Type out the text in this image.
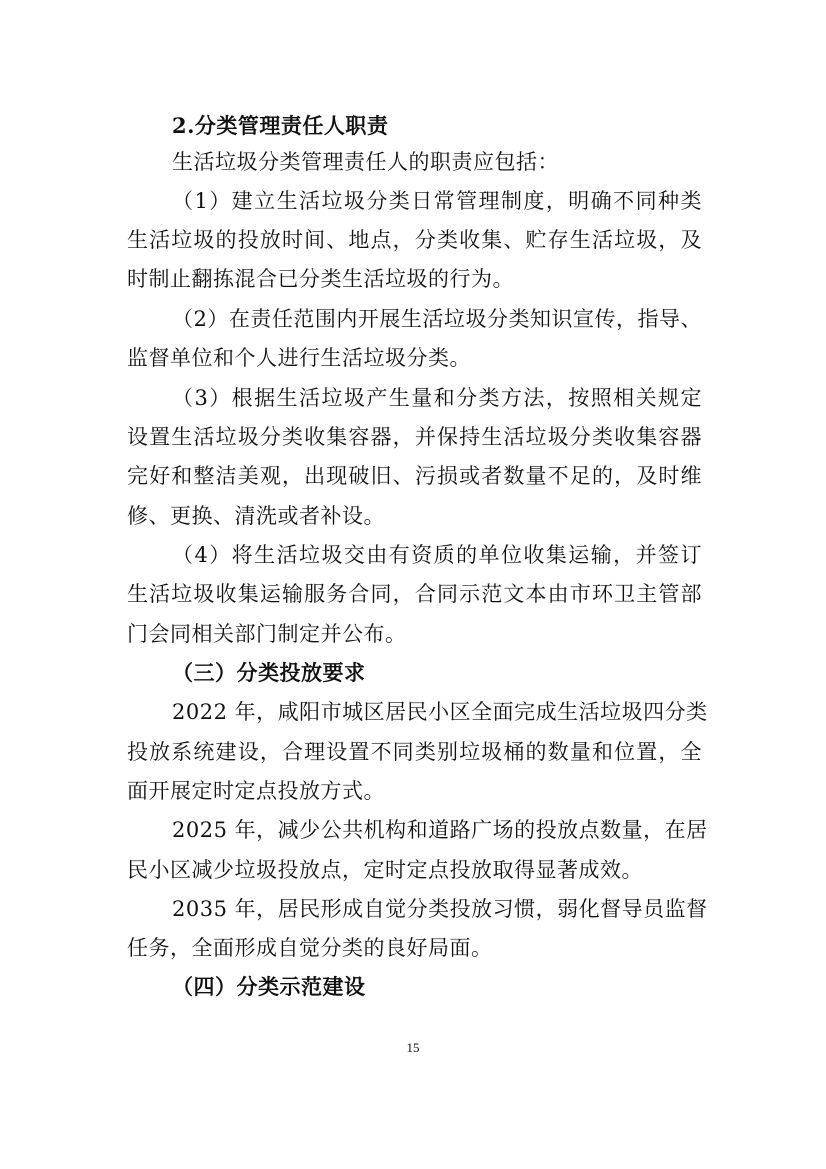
2.分类管理责任人职责
生活垃圾分类管理责任人的职责应包括：
（1）建立生活垃圾分类日常管理制度，明确不同种类
生活垃圾的投放时间、地点，分类收集、贮存生活垃圾，及
时制止翻拣混合已分类生活垃圾的行为。
（2）在责任范围内开展生活垃圾分类知识宣传，指导、
监督单位和个人进行生活垃圾分类。
（3）根据生活垃圾产生量和分类方法，按照相关规定
设置生活垃圾分类收集容器，并保持生活垃圾分类收集容器
完好和整洁美观，出现破旧、污损或者数量不足的，及时维
修、更换、清洗或者补设。
（4）将生活垃圾交由有资质的单位收集运输，并签订
生活垃圾收集运输服务合同，合同示范文本由市环卫主管部
门会同相关部门制定并公布。
（三）分类投放要求
2022 年，咸阳市城区居民小区全面完成生活垃圾四分类
投放系统建设，合理设置不同类别垃圾桶的数量和位置，全
面开展定时定点投放方式。
2025 年，减少公共机构和道路广场的投放点数量，在居
民小区减少垃圾投放点，定时定点投放取得显著成效。
2035 年，居民形成自觉分类投放习惯，弱化督导员监督
任务，全面形成自觉分类的良好局面。
（四）分类示范建设
15
